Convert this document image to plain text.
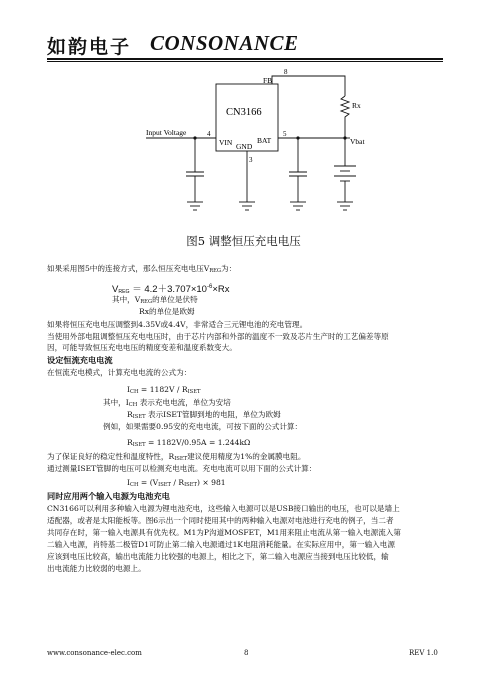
如韵电子 CONSONANCE
CN3166
FB
VIN GND
BAT
8
4	5
3
Rx
Vbat
Input Voltage
图5 调整恒压充电电压
如果采用图5中的连接方式，那么恒压充电电压$V_{REG}$为：
$V_{REG} = 4.2+3.707\times 10^{-6}\times Rx$
其中，$V_{REG}$的单位是伏特
Rx的单位是欧姆
如果将恒压充电电压调整到4.35V或4.4V，非常适合三元锂电池的充电管理。
当使用外部电阻调整恒压充电电压时，由于芯片内部和外部的温度不一致及芯片生产时的工艺偏差等原
因，可能导致恒压充电电压的精度变差和温度系数变大。
设定恒流充电电流
在恒流充电模式，计算充电电流的公式为：
$I_{CH} = 1182V / R_{ISET}$
其中，$I_{CH}$ 表示充电电流，单位为安培
$R_{ISET}$ 表示ISET管脚到地的电阻，单位为欧姆
例如，如果需要0.95安的充电电流，可按下面的公式计算：
$R_{ISET} = 1182V/0.95A = 1.244k\Omega$
为了保证良好的稳定性和温度特性，$R_{ISET}$建议使用精度为1%的金属膜电阻。
通过测量ISET管脚的电压可以检测充电电流。充电电流可以用下面的公式计算：
$I_{CH} = (V_{ISET} / R_{ISET}) \times 981$
同时应用两个输入电源为电池充电
CN3166可以利用多种输入电源为锂电池充电，这些输入电源可以是USB接口输出的电压，也可以是墙上
适配器，或者是太阳能板等。图6示出一个同时使用其中的两种输入电源对电池进行充电的例子，当二者
共同存在时，第一输入电源具有优先权。M1为P沟道MOSFET，M1用来阻止电流从第一输入电源流入第
二输入电源，肖特基二极管D1可防止第二输入电源通过1K电阻消耗能量。在实际应用中，第一输入电源
应该到电压比较高，输出电流能力比较强的电源上，相比之下，第二输入电源应当接到电压比较低，输
出电流能力比较弱的电源上。
www.consonance-elec.com	8	REV 1.0
